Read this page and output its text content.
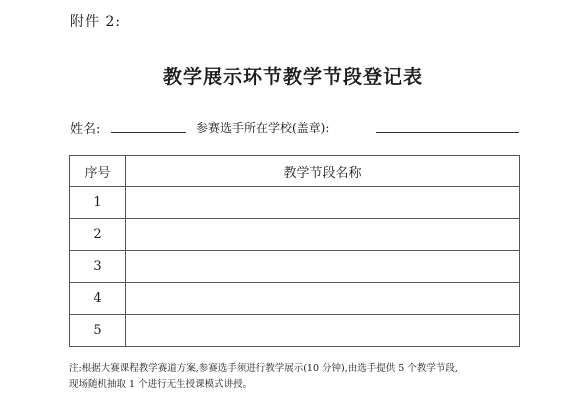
附件 2:
教学展示环节教学节段登记表
姓名:	参赛选手所在学校(盖章):
序号	教学节段名称
1	
2	
3	
4	
5	
注:根据大赛课程教学赛道方案,参赛选手须进行教学展示(10 分钟),由选手提供 5 个教学节段,
现场随机抽取 1 个进行无生授课模式讲授。
